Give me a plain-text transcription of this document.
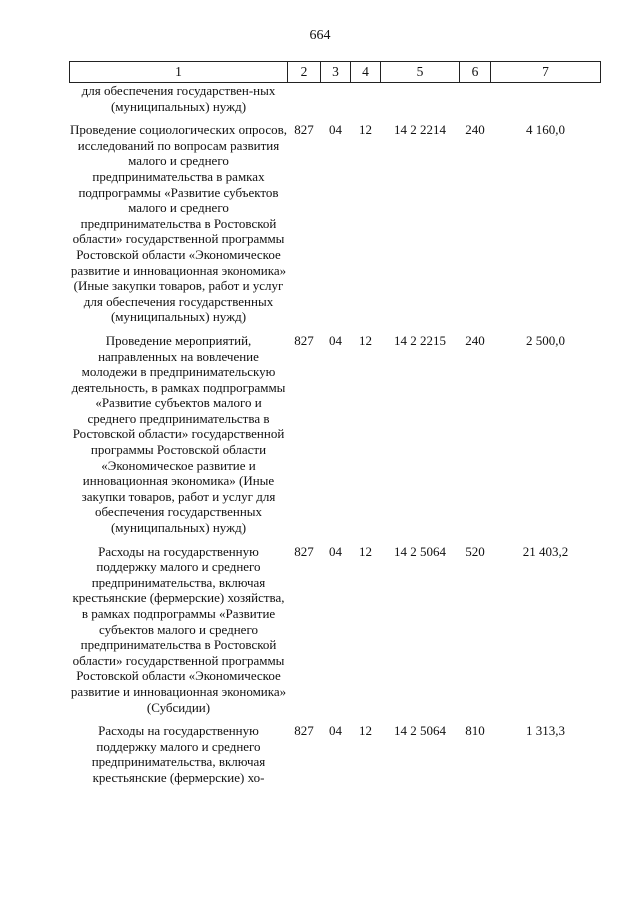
664
1	2	3	4	5	6	7
для обеспечения государствен-ных (муниципальных) нужд)						
Проведение социологических опросов, исследований по вопросам развития малого и среднего предпринимательства в рамках подпрограммы «Развитие субъектов малого и среднего предпринимательства в Ростовской области» государственной программы Ростовской области «Экономическое развитие и инновационная экономика» (Иные закупки товаров, работ и услуг для обеспечения государственных (муниципальных) нужд)	827	04	12	14 2 2214	240	4 160,0
Проведение мероприятий, направленных на вовлечение молодежи в предпринимательскую деятельность, в рамках подпрограммы «Развитие субъектов малого и среднего предпринимательства в Ростовской области» государственной программы Ростовской области «Экономическое развитие и инновационная экономика» (Иные закупки товаров, работ и услуг для обеспечения государственных (муниципальных) нужд)	827	04	12	14 2 2215	240	2 500,0
Расходы на государственную поддержку малого и среднего предпринимательства, включая крестьянские (фермерские) хозяйства, в рамках подпрограммы «Развитие субъектов малого и среднего предпринимательства в Ростовской области» государственной программы Ростовской области «Экономическое развитие и инновационная экономика» (Субсидии)	827	04	12	14 2 5064	520	21 403,2
Расходы на государственную поддержку малого и среднего предпринимательства, включая крестьянские (фермерские) хо-	827	04	12	14 2 5064	810	1 313,3
